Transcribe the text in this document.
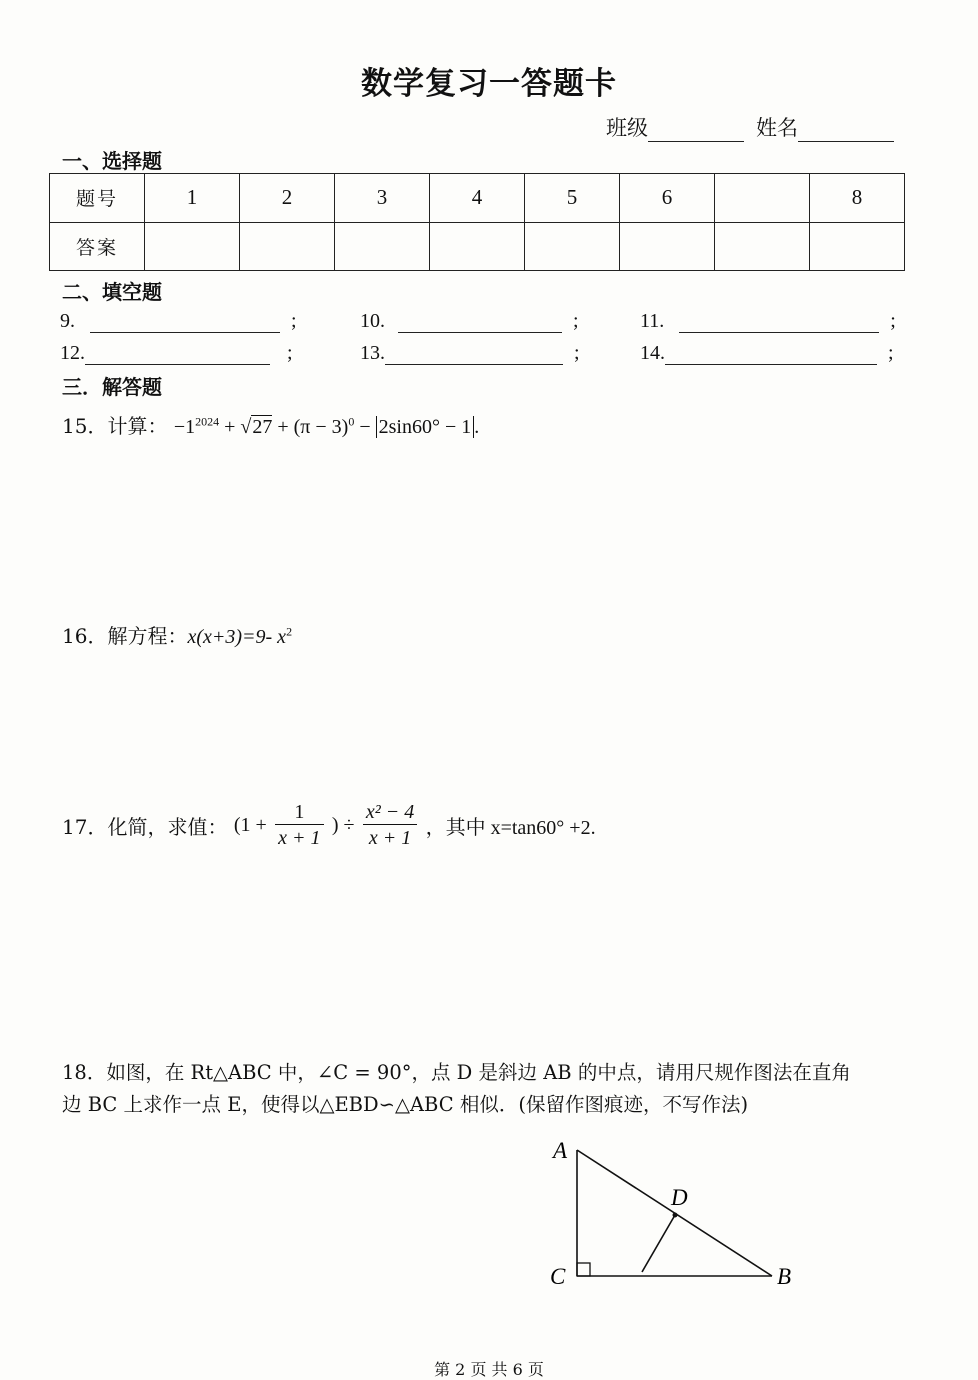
数学复习一答题卡
班级	姓名
一、选择题
题号	1	2	3	4	5	6		8
答案								
二、填空题
9.	;	10.	;	11.	;
12.	;	13.	;	14.	;
三．解答题
15．计算： $-1^{2024} + √27 + (\pi - 3)^0 - 2\sin 60^\circ - 1$ .
16．解方程：x(x+3)=9- $x^2$
17．化简，求值： ($1 + \frac{1}{x + 1}$ ) ÷ $\frac{\text{x² − 4}}{x + 1}$ ，其中 x=tan60° +2.
18．如图，在 Rt△ABC 中，∠C = 90°，点 D 是斜边 AB 的中点，请用尺规作图法在直角
边 BC 上求作一点 E，使得以△EBD∽△ABC 相似．(保留作图痕迹，不写作法)
A
C	B
D
第 2 页 共 6 页
